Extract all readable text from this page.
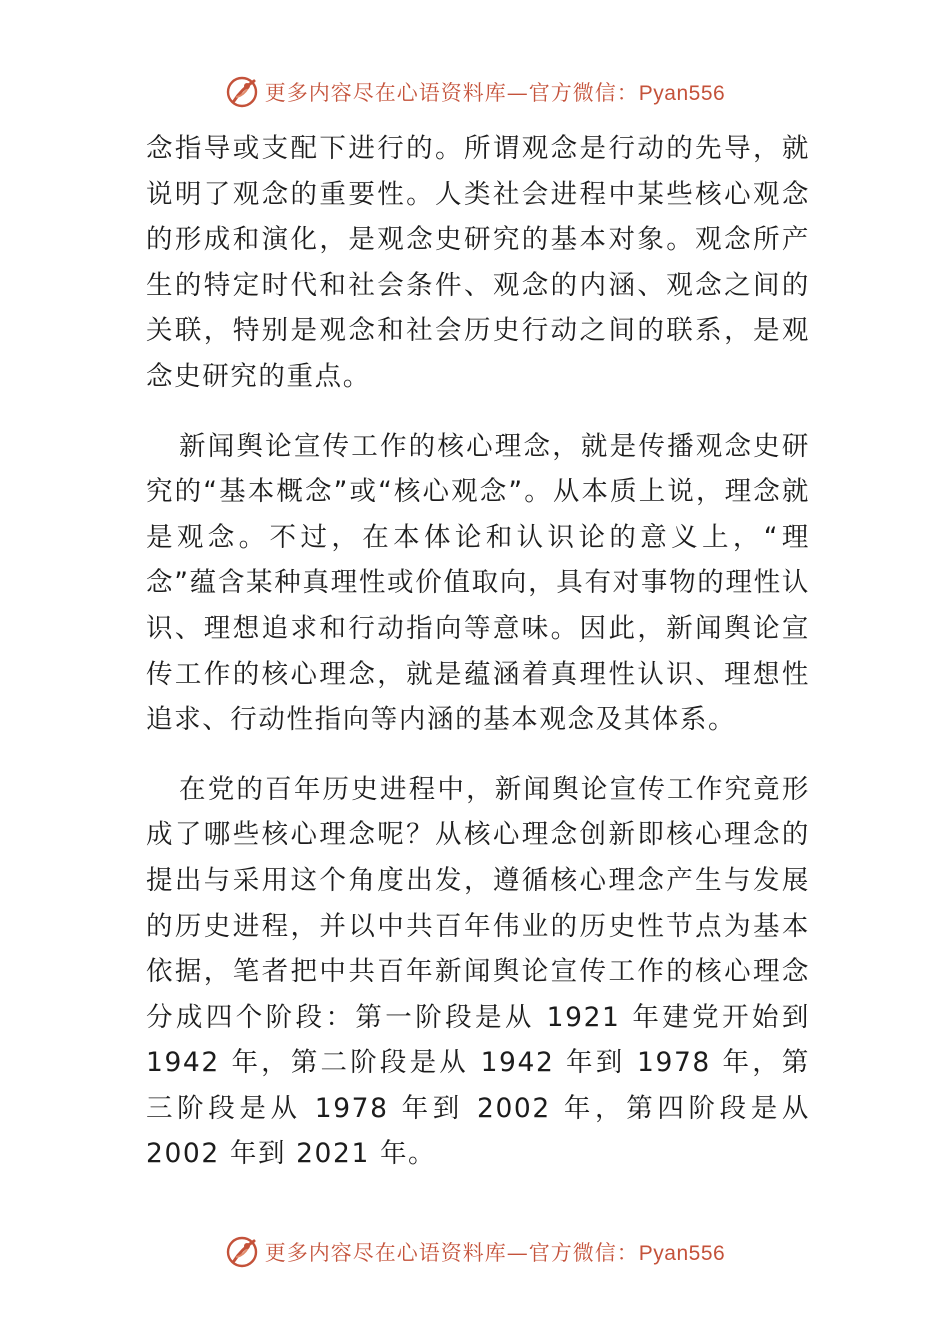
更多内容尽在心语资料库—官方微信：Pyan556

念指导或支配下进行的。所谓观念是行动的先导，就说明了观念的重要性。人类社会进程中某些核心观念的形成和演化，是观念史研究的基本对象。观念所产生的特定时代和社会条件、观念的内涵、观念之间的关联，特别是观念和社会历史行动之间的联系，是观念史研究的重点。

新闻舆论宣传工作的核心理念，就是传播观念史研究的“基本概念”或“核心观念”。从本质上说，理念就是观念。不过，在本体论和认识论的意义上，“理念”蕴含某种真理性或价值取向，具有对事物的理性认识、理想追求和行动指向等意味。因此，新闻舆论宣传工作的核心理念，就是蕴涵着真理性认识、理想性追求、行动性指向等内涵的基本观念及其体系。

在党的百年历史进程中，新闻舆论宣传工作究竟形成了哪些核心理念呢？从核心理念创新即核心理念的提出与采用这个角度出发，遵循核心理念产生与发展的历史进程，并以中共百年伟业的历史性节点为基本依据，笔者把中共百年新闻舆论宣传工作的核心理念分成四个阶段：第一阶段是从 1921 年建党开始到 1942 年，第二阶段是从 1942 年到 1978 年，第三阶段是从 1978 年到 2002 年，第四阶段是从 2002 年到 2021 年。

更多内容尽在心语资料库—官方微信：Pyan556
